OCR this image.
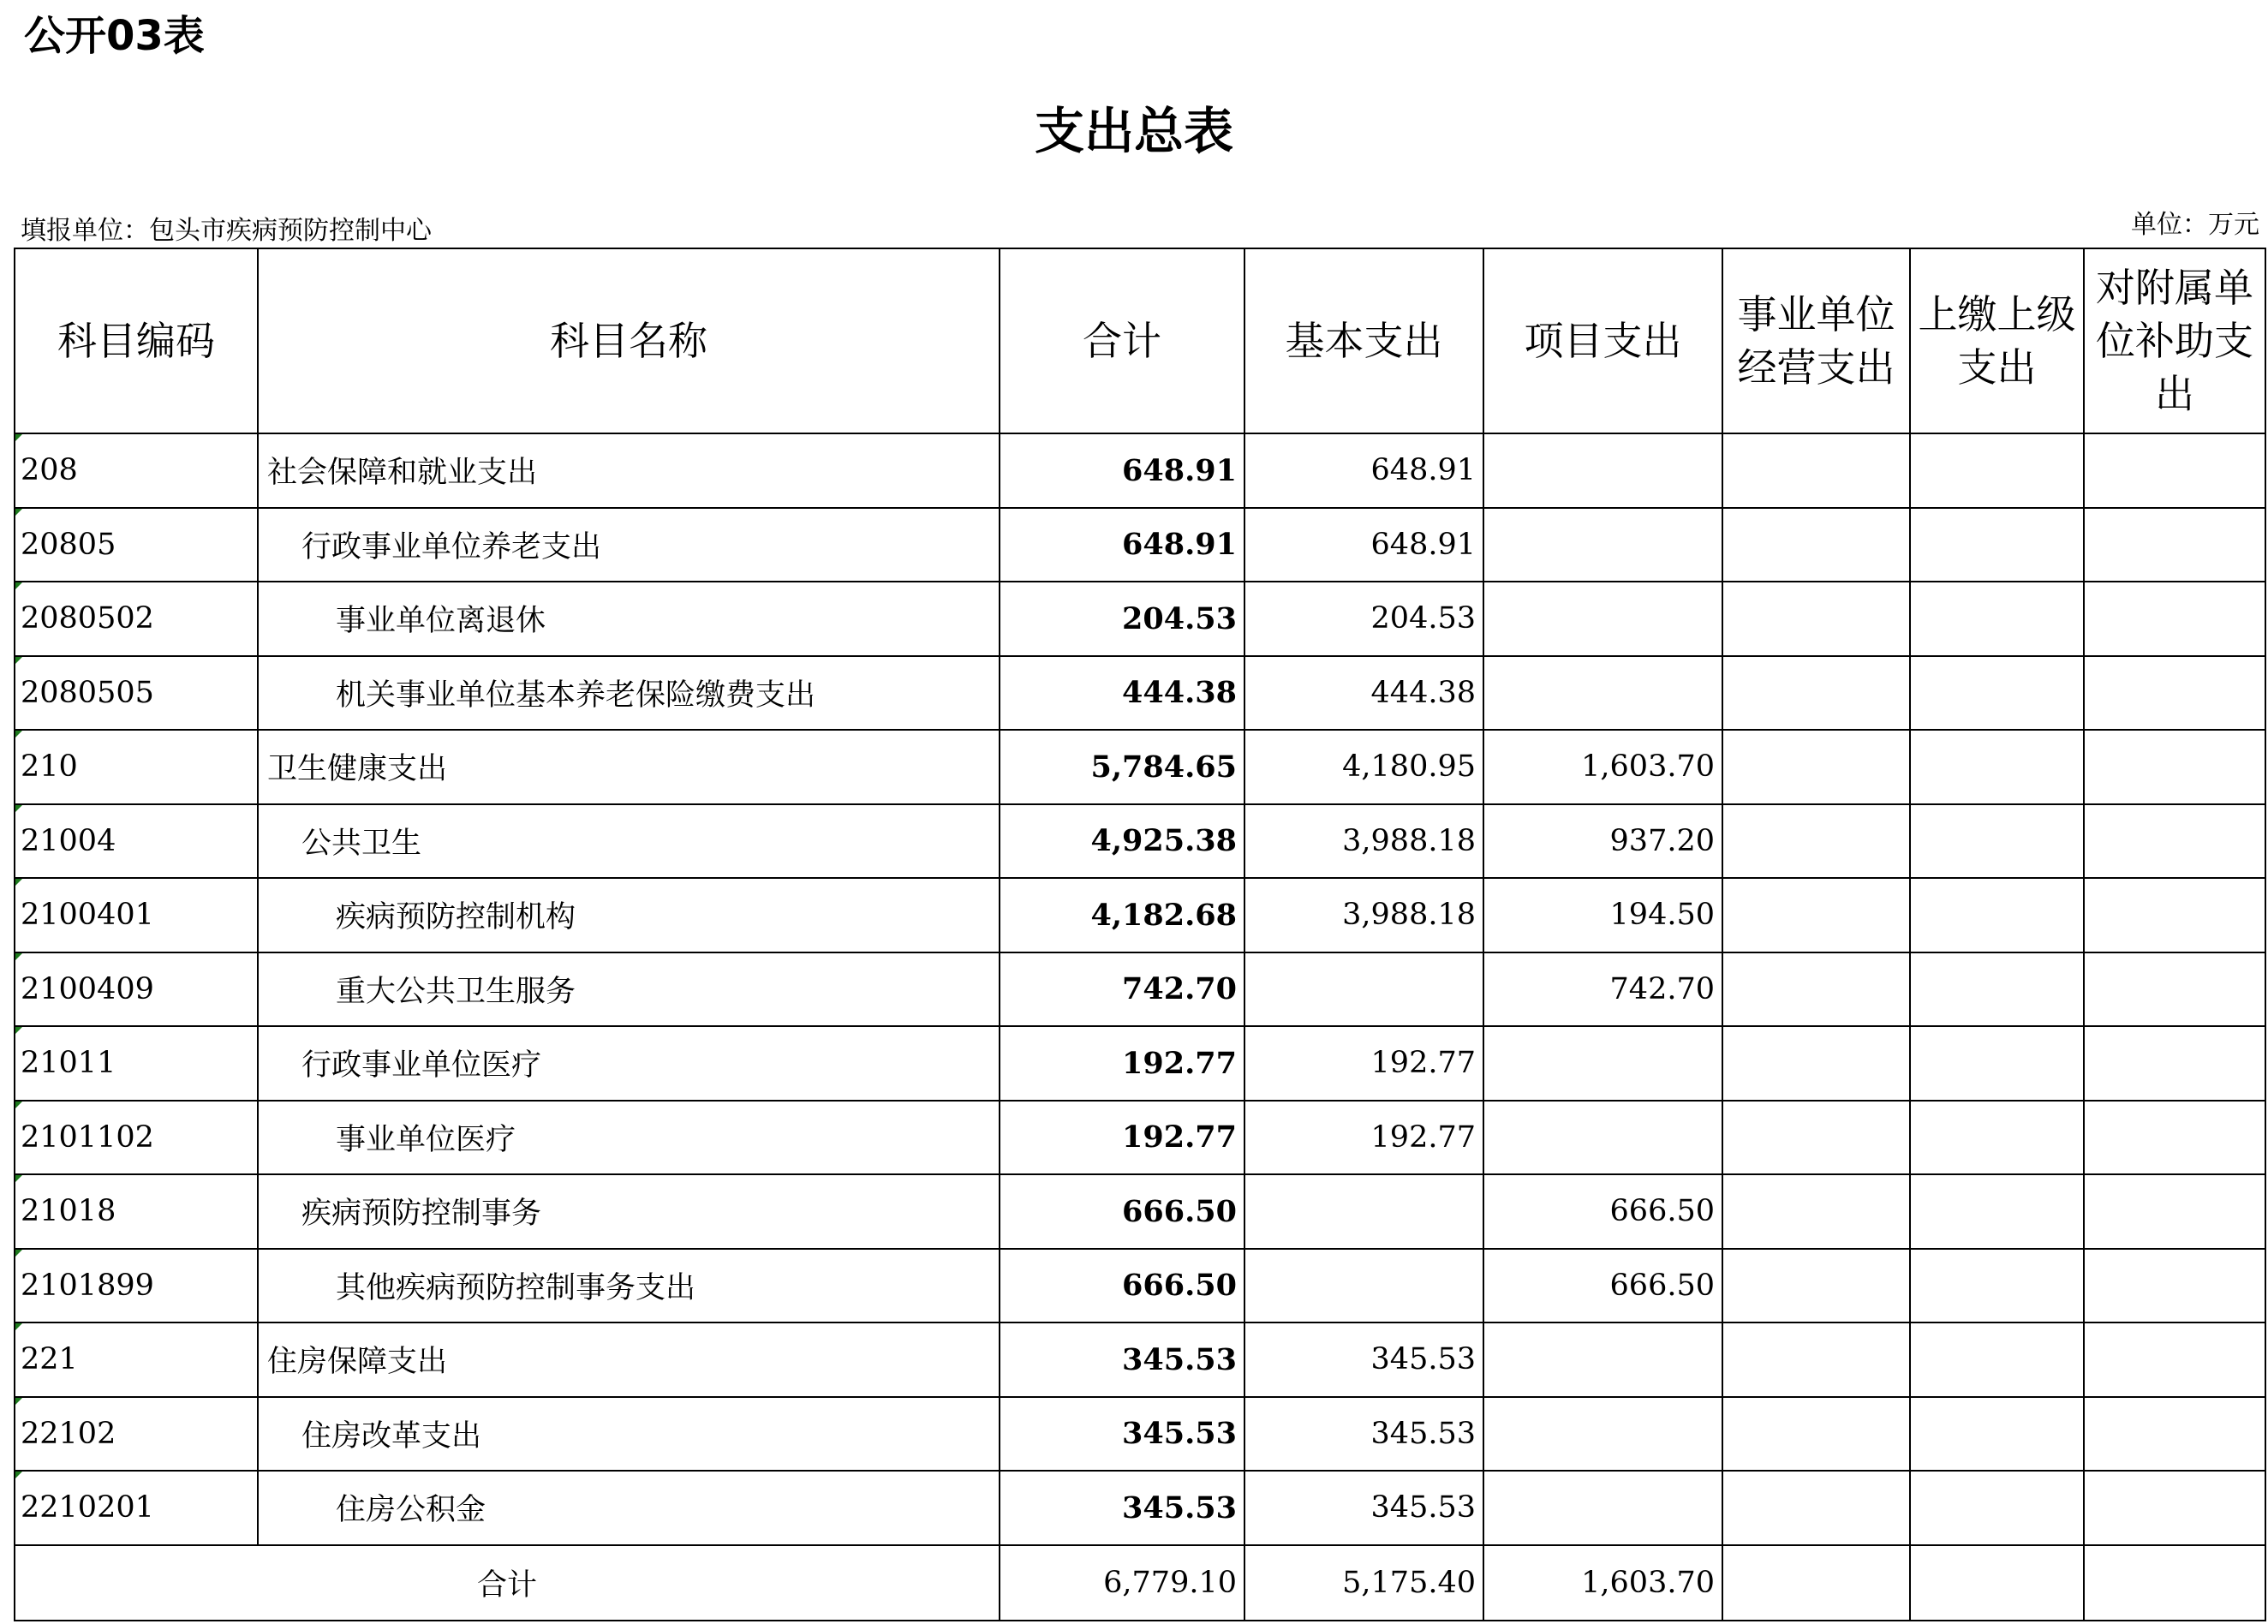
公开03表
支出总表
填报单位：包头市疾病预防控制中心	单位：万元
科目编码	科目名称	合计	基本支出	项目支出	事业单位经营支出	上缴上级支出	对附属单位补助支出
208	社会保障和就业支出	648.91	648.91				
20805	行政事业单位养老支出	648.91	648.91				
2080502	事业单位离退休	204.53	204.53				
2080505	机关事业单位基本养老保险缴费支出	444.38	444.38				
210	卫生健康支出	5,784.65	4,180.95	1,603.70			
21004	公共卫生	4,925.38	3,988.18	937.20			
2100401	疾病预防控制机构	4,182.68	3,988.18	194.50			
2100409	重大公共卫生服务	742.70		742.70			
21011	行政事业单位医疗	192.77	192.77				
2101102	事业单位医疗	192.77	192.77				
21018	疾病预防控制事务	666.50		666.50			
2101899	其他疾病预防控制事务支出	666.50		666.50			
221	住房保障支出	345.53	345.53				
22102	住房改革支出	345.53	345.53				
2210201	住房公积金	345.53	345.53				
合计		6,779.10	5,175.40	1,603.70			
